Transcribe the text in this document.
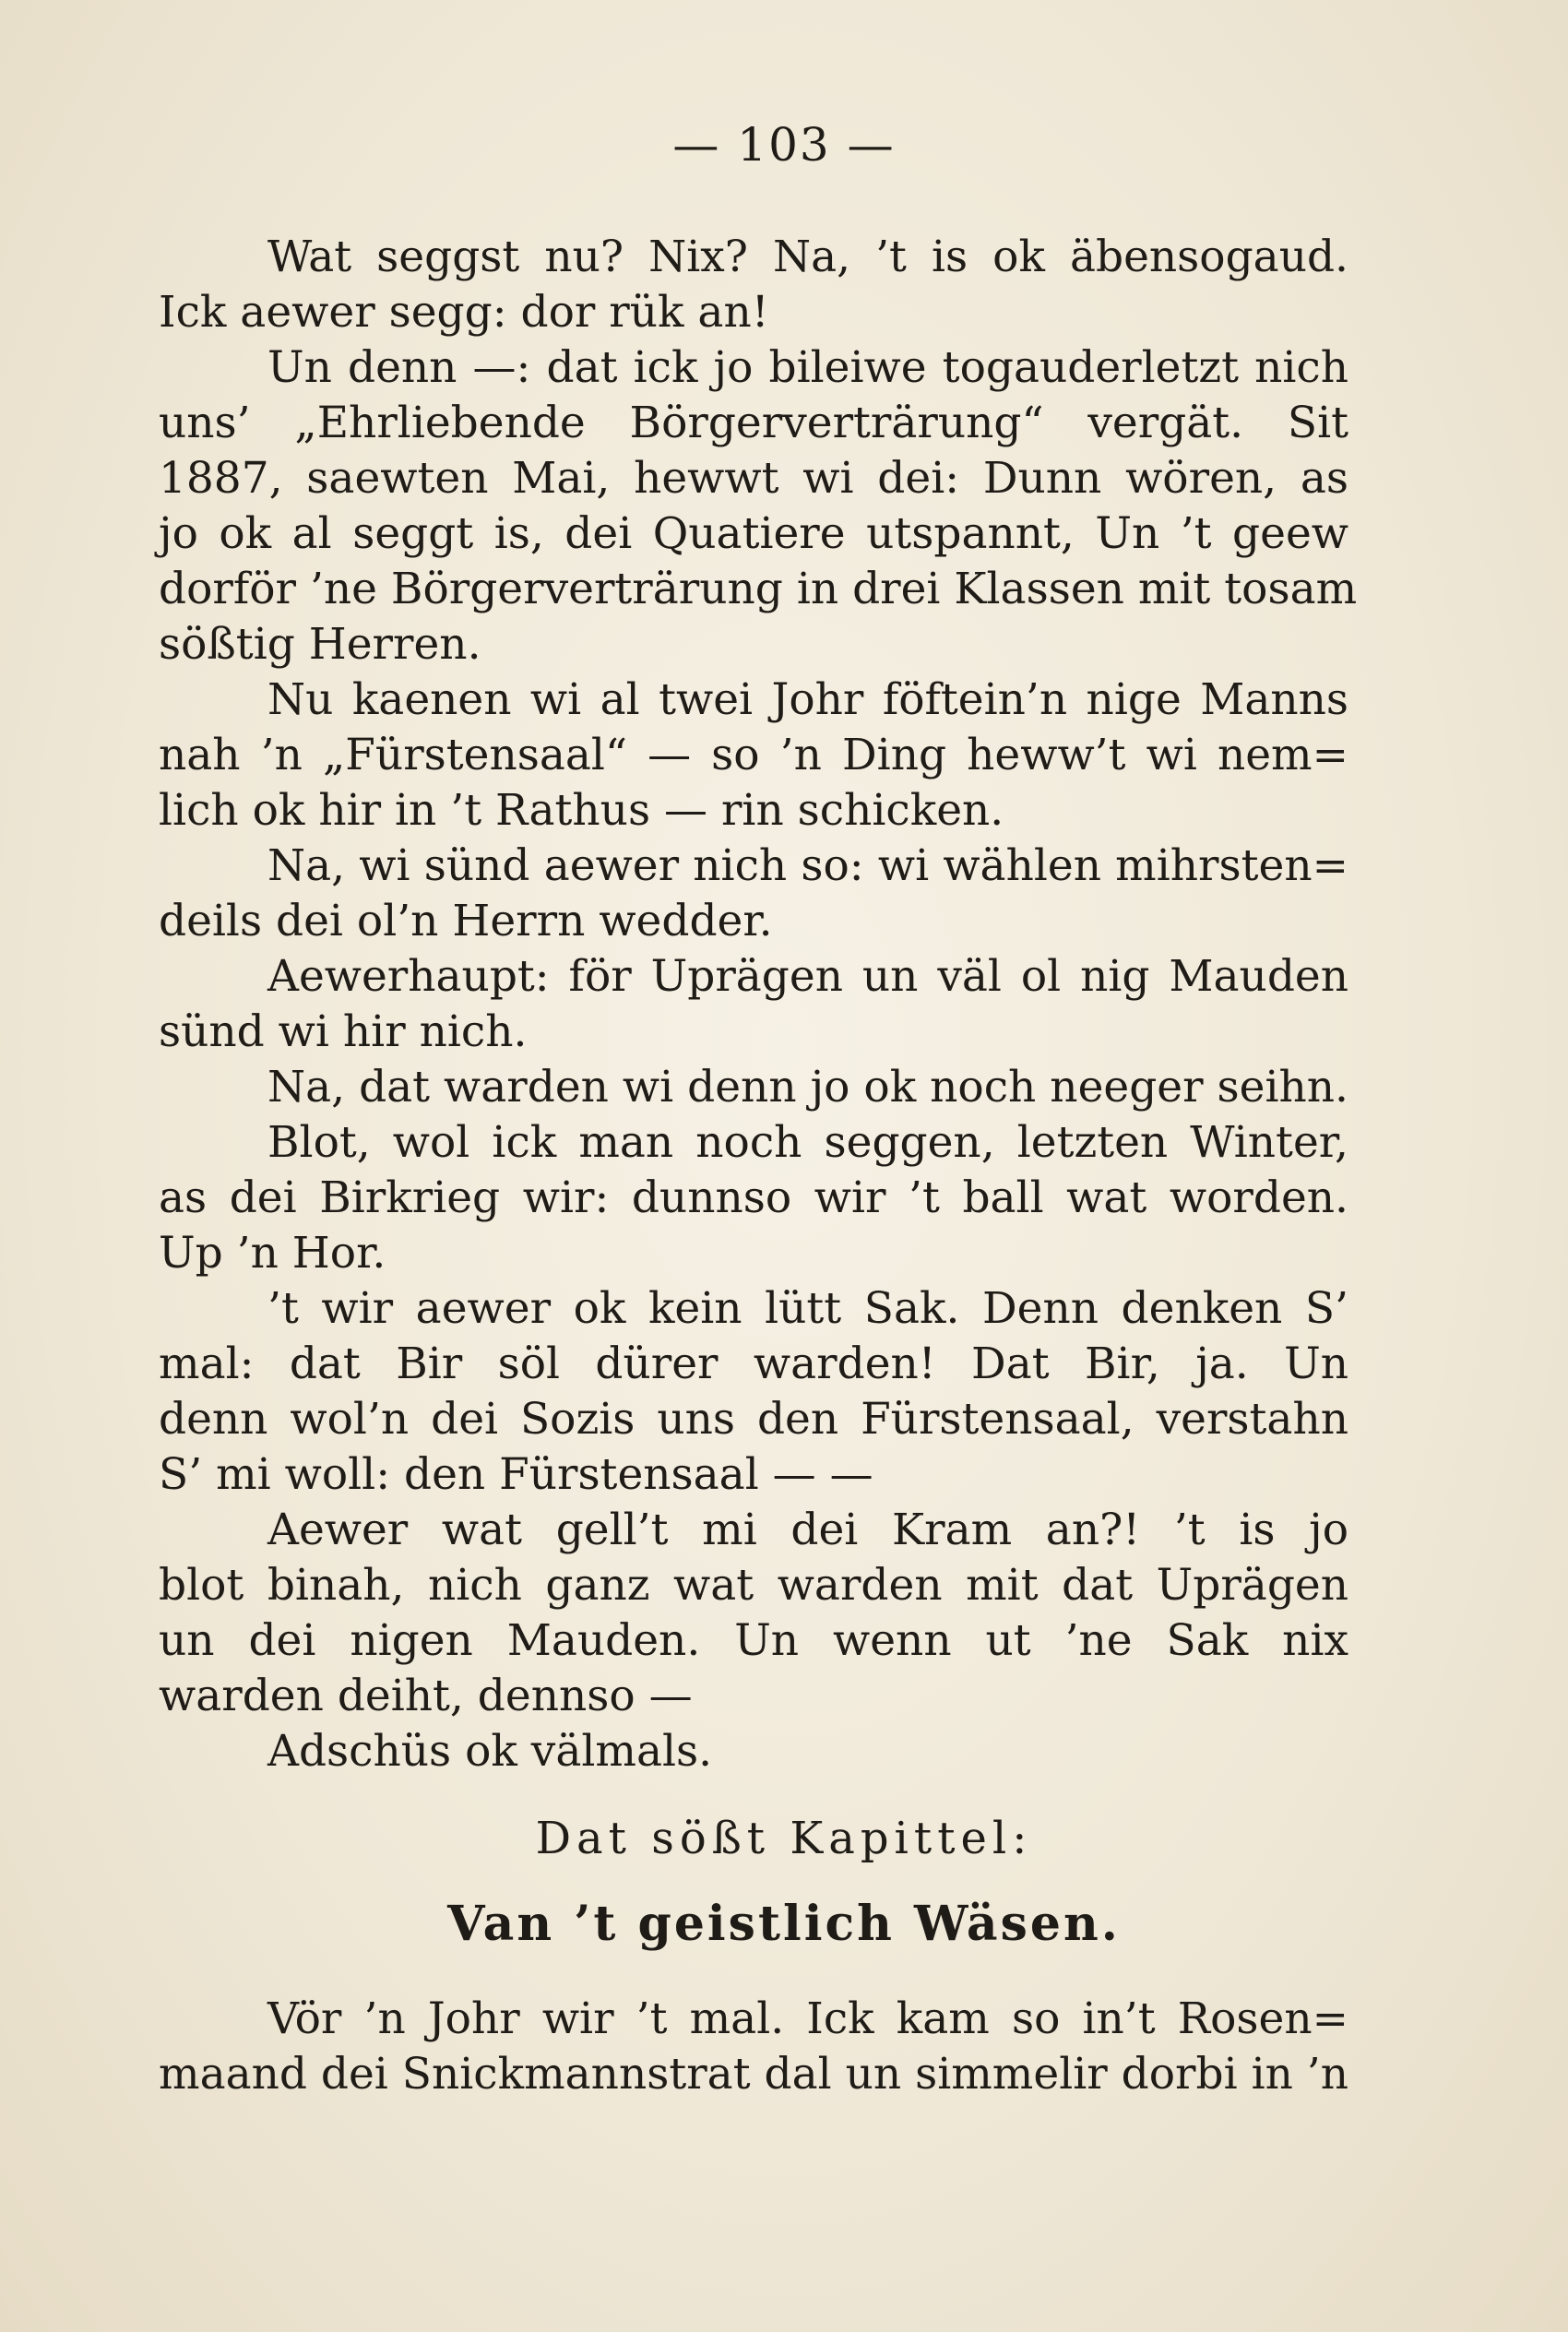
— 103 —
Wat seggst nu? Nix? Na, ’t is ok äbensogaud.
Ick aewer segg: dor rük an!
Un denn —: dat ick jo bileiwe togauderletzt nich
uns’ „Ehrliebende Börgerverträrung“ vergät. Sit
1887, saewten Mai, hewwt wi dei: Dunn wören, as
jo ok al seggt is, dei Quatiere utspannt, Un ’t geew
dorför ’ne Börgerverträrung in drei Klassen mit tosam
sößtig Herren.
Nu kaenen wi al twei Johr föftein’n nige Manns
nah ’n „Fürstensaal“ — so ’n Ding heww’t wi nem=
lich ok hir in ’t Rathus — rin schicken.
Na, wi sünd aewer nich so: wi wählen mihrsten=
deils dei ol’n Herrn wedder.
Aewerhaupt: för Uprägen un väl ol nig Mauden
sünd wi hir nich.
Na, dat warden wi denn jo ok noch neeger seihn.
Blot, wol ick man noch seggen, letzten Winter,
as dei Birkrieg wir: dunnso wir ’t ball wat worden.
Up ’n Hor.
’t wir aewer ok kein lütt Sak. Denn denken S’
mal: dat Bir söl dürer warden! Dat Bir, ja. Un
denn wol’n dei Sozis uns den Fürstensaal, verstahn
S’ mi woll: den Fürstensaal — —
Aewer wat gell’t mi dei Kram an?! ’t is jo
blot binah, nich ganz wat warden mit dat Uprägen
un dei nigen Mauden. Un wenn ut ’ne Sak nix
warden deiht, dennso —
Adschüs ok välmals.
Dat sößt Kapittel:
Van ’t geistlich Wäsen.
Vör ’n Johr wir ’t mal. Ick kam so in’t Rosen=
maand dei Snickmannstrat dal un simmelir dorbi in ’n
